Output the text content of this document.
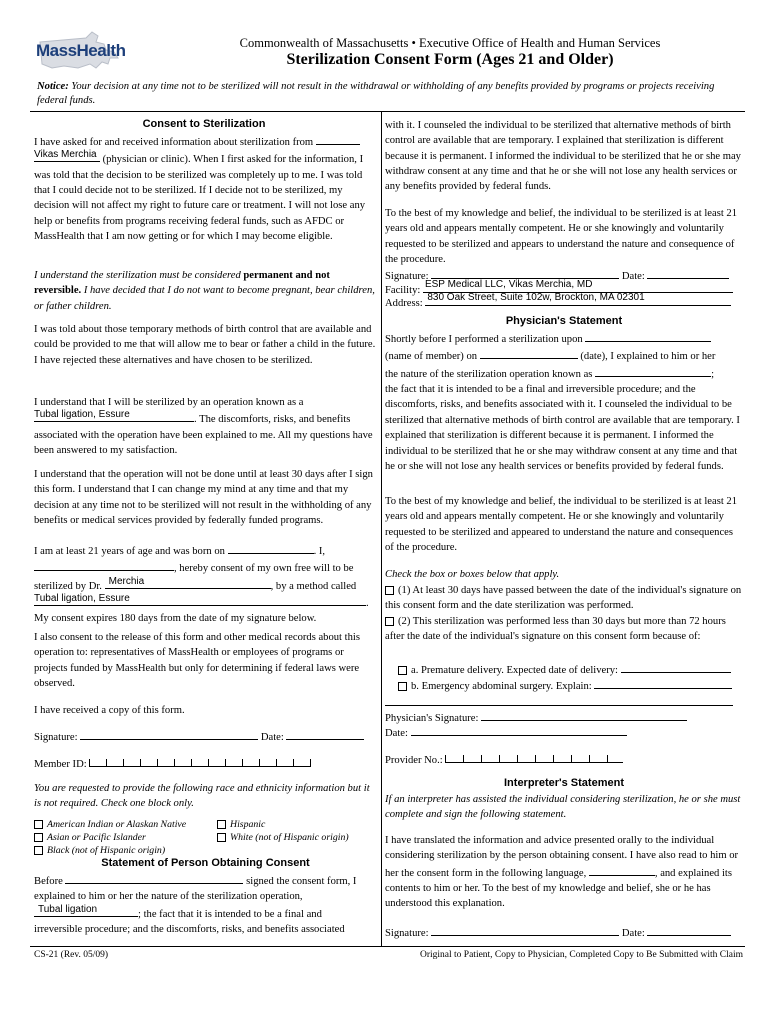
MassHealth	Commonwealth of Massachusetts • Executive Office of Health and Human Services
Sterilization Consent Form (Ages 21 and Older)
Notice: Your decision at any time not to be sterilized will not result in the withdrawal or withholding of any benefits provided by programs or projects receiving federal funds.
Consent to Sterilization
I have asked for and received information about sterilization from
Vikas Merchia (physician or clinic). When I first asked for the information, I was told that the decision to be sterilized was completely up to me. I was told that I could decide not to be sterilized. If I decide not to be sterilized, my decision will not affect my right to future care or treatment. I will not lose any help or benefits from programs receiving federal funds, such as AFDC or MassHealth that I am now getting or for which I may become eligible.
I understand the sterilization must be considered permanent and not reversible. I have decided that I do not want to become pregnant, bear children, or father children.
I was told about those temporary methods of birth control that are available and could be provided to me that will allow me to bear or father a child in the future. I have rejected these alternatives and have chosen to be sterilized.
I understand that I will be sterilized by an operation known as a
Tubal ligation, Essure	. The discomforts, risks, and benefits associated with the operation have been explained to me. All my questions have been answered to my satisfaction.
I understand that the operation will not be done until at least 30 days after I sign this form. I understand that I can change my mind at any time and that my decision at any time not to be sterilized will not result in the withholding of any benefits or medical services provided by federally funded programs.
I am at least 21 years of age and was born on	. I,
, hereby consent of my own free will to be
sterilized by Dr. Merchia	, by a method called

Tubal ligation, Essure	.
My consent expires 180 days from the date of my signature below.
I also consent to the release of this form and other medical records about this operation to: representatives of MassHealth or employees of programs or projects funded by MassHealth but only for determining if federal laws were observed.
I have received a copy of this form.
Signature:	Date:
Member ID:
You are requested to provide the following race and ethnicity information but it is not required. Check one block only.
American Indian or Alaskan Native
Asian or Pacific Islander
Black (not of Hispanic origin)
Hispanic
White (not of Hispanic origin)
Statement of Person Obtaining Consent
Before	signed the consent form, I
explained to him or her the nature of the sterilization operation,

Tubal ligation	; the fact that it is intended to be a final and
irreversible procedure; and the discomforts, risks, and benefits associated
with it. I counseled the individual to be sterilized that alternative methods of birth control are available that are temporary. I explained that sterilization is different because it is permanent. I informed the individual to be sterilized that he or she may withdraw consent at any time and that he or she will not lose any health services or any benefits provided by federal funds.
To the best of my knowledge and belief, the individual to be sterilized is at least 21 years old and appears mentally competent. He or she knowingly and voluntarily requested to be sterilized and appears to understand the nature and consequence of the procedure.
Signature:	Date:
Facility:
ESP Medical LLC, Vikas Merchia, MD
Address:
830 Oak Street, Suite 102w, Brockton, MA 02301
Physician's Statement
Shortly before I performed a sterilization upon
(name of member) on	(date), I explained to him or her
the nature of the sterilization operation known as	;
the fact that it is intended to be a final and irreversible procedure; and the discomforts, risks, and benefits associated with it. I counseled the individual to be sterilized that alternative methods of birth control are available that are temporary. I explained that sterilization is different because it is permanent. I informed the individual to be sterilized that he or she may withdraw consent at any time and that he or she will not lose any health services or benefits provided by federal funds.
To the best of my knowledge and belief, the individual to be sterilized is at least 21 years old and appears mentally competent. He or she knowingly and voluntarily requested to be sterilized and appeared to understand the nature and consequences of the procedure.
Check the box or boxes below that apply.
(1) At least 30 days have passed between the date of the individual's signature on this consent form and the date sterilization was performed.
(2) This sterilization was performed less than 30 days but more than 72 hours after the date of the individual's signature on this consent form because of:
a. Premature delivery. Expected date of delivery:
b. Emergency abdominal surgery. Explain:
Physician's Signature:
Date:
Provider No.:
Interpreter's Statement
If an interpreter has assisted the individual considering sterilization, he or she must complete and sign the following statement.
I have translated the information and advice presented orally to the individual considering sterilization by the person obtaining consent. I have also read to him or her the consent form in the following language,	, and explained its contents to him or her. To the best of my knowledge and belief, she or he has understood this explanation.
Signature:	Date:
CS-21 (Rev. 05/09)	Original to Patient, Copy to Physician, Completed Copy to Be Submitted with Claim
